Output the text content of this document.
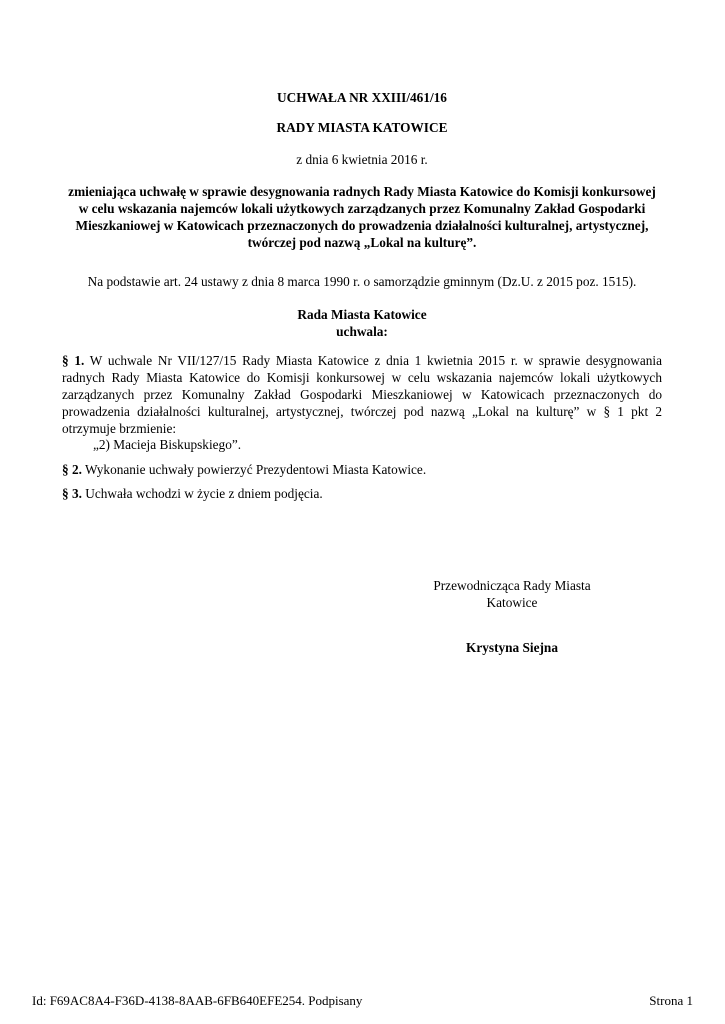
UCHWAŁA NR XXIII/461/16
RADY MIASTA KATOWICE
z dnia 6 kwietnia 2016 r.
zmieniająca uchwałę w sprawie desygnowania radnych Rady Miasta Katowice do Komisji konkursowej
w celu wskazania najemców lokali użytkowych zarządzanych przez Komunalny Zakład Gospodarki
Mieszkaniowej w Katowicach przeznaczonych do prowadzenia działalności kulturalnej, artystycznej,
twórczej pod nazwą „Lokal na kulturę”.
Na podstawie art. 24 ustawy z dnia 8 marca 1990 r. o samorządzie gminnym (Dz.U. z 2015 poz. 1515).
Rada Miasta Katowice
uchwala:
§ 1. W uchwale Nr VII/127/15 Rady Miasta Katowice z dnia 1 kwietnia 2015 r. w sprawie desygnowania radnych Rady Miasta Katowice do Komisji konkursowej w celu wskazania najemców lokali użytkowych zarządzanych przez Komunalny Zakład Gospodarki Mieszkaniowej w Katowicach przeznaczonych do prowadzenia działalności kulturalnej, artystycznej, twórczej pod nazwą „Lokal na kulturę” w § 1 pkt 2 otrzymuje brzmienie:
„2) Macieja Biskupskiego”.
§ 2. Wykonanie uchwały powierzyć Prezydentowi Miasta Katowice.
§ 3. Uchwała wchodzi w życie z dniem podjęcia.
Przewodnicząca Rady Miasta
Katowice
Krystyna Siejna
Id: F69AC8A4-F36D-4138-8AAB-6FB640EFE254. Podpisany	Strona 1
